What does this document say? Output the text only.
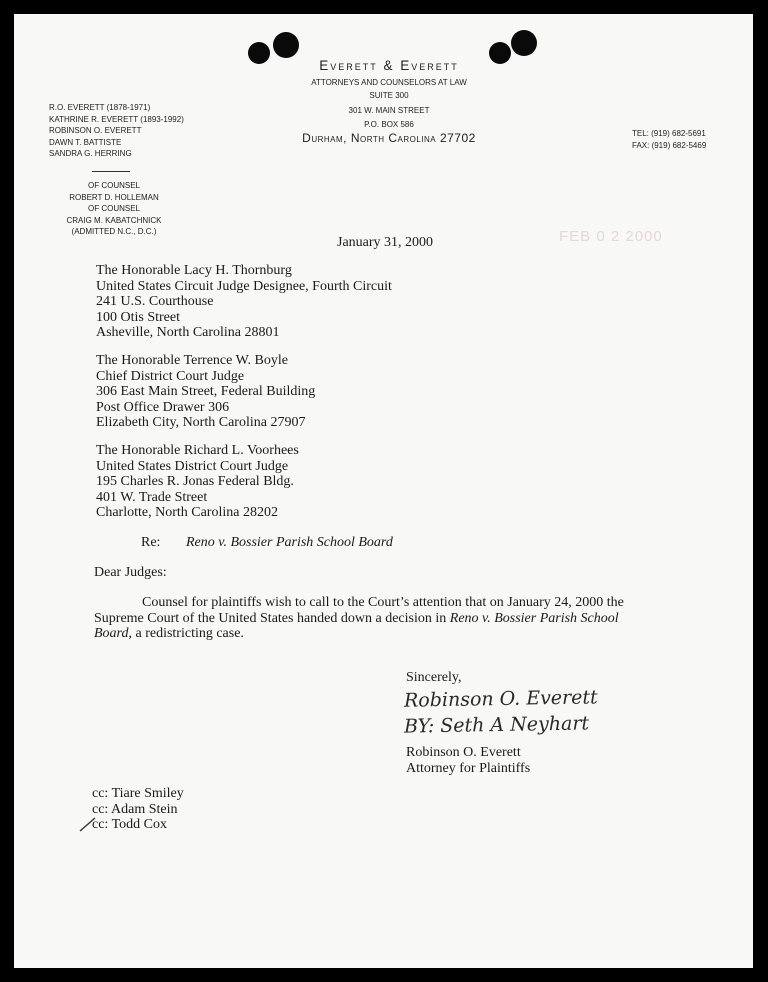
Everett & Everett
ATTORNEYS AND COUNSELORS AT LAW
SUITE 300
301 W. MAIN STREET
P.O. BOX 586
Durham, North Carolina 27702
R.O. EVERETT (1878-1971)
KATHRINE R. EVERETT (1893-1992)
ROBINSON O. EVERETT
DAWN T. BATTISTE
SANDRA G. HERRING
OF COUNSEL
ROBERT D. HOLLEMAN
OF COUNSEL
CRAIG M. KABATCHNICK
(ADMITTED N.C., D.C.)
TEL: (919) 682-5691
FAX: (919) 682-5469
FEB 0 2 2000
January 31, 2000
The Honorable Lacy H. Thornburg
United States Circuit Judge Designee, Fourth Circuit
241 U.S. Courthouse
100 Otis Street
Asheville, North Carolina 28801
The Honorable Terrence W. Boyle
Chief District Court Judge
306 East Main Street, Federal Building
Post Office Drawer 306
Elizabeth City, North Carolina 27907
The Honorable Richard L. Voorhees
United States District Court Judge
195 Charles R. Jonas Federal Bldg.
401 W. Trade Street
Charlotte, North Carolina 28202
Re: Reno v. Bossier Parish School Board
Dear Judges:
Counsel for plaintiffs wish to call to the Court’s attention that on January 24, 2000 the
Supreme Court of the United States handed down a decision in Reno v. Bossier Parish School
Board, a redistricting case.
Sincerely,
Robinson O. Everett
BY: Seth A Neyhart
Robinson O. Everett
Attorney for Plaintiffs
cc: Tiare Smiley
cc: Adam Stein
cc: Todd Cox
